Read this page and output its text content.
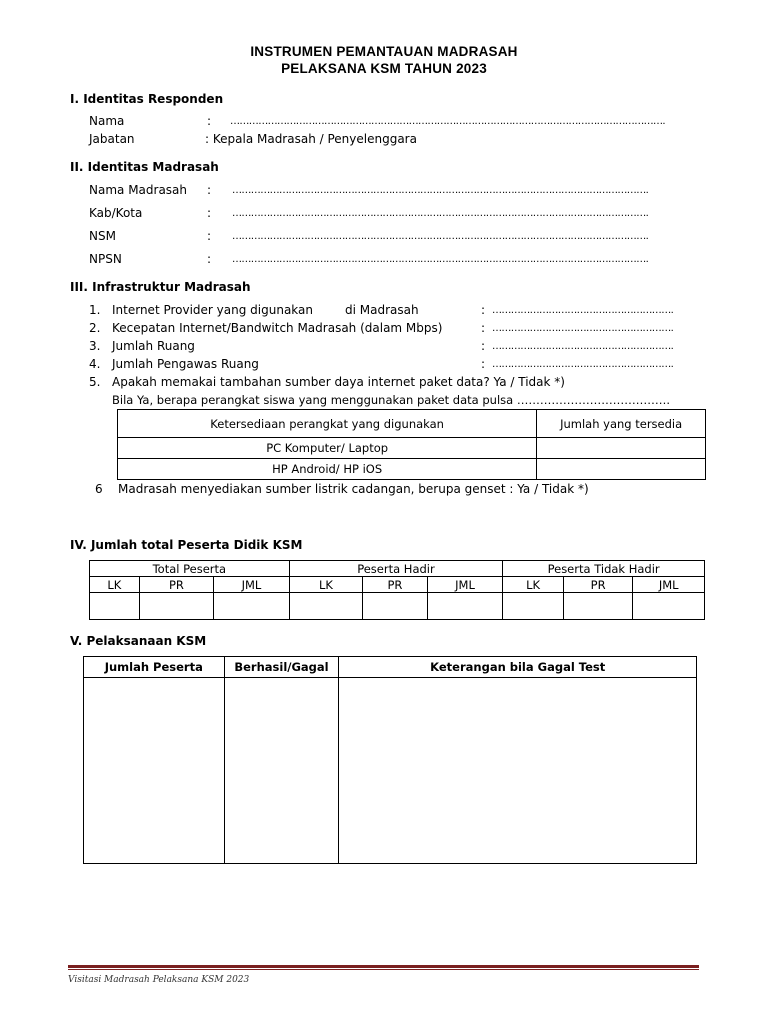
INSTRUMEN PEMANTAUAN MADRASAH
PELAKSANA KSM TAHUN 2023
I. Identitas Responden
Nama	: ………………………………………………………………………………………………………………………….
Jabatan	: Kepala Madrasah / Penyelenggara
II. Identitas Madrasah
Nama Madrasah : …………………………………………………………………………………………………………………….
Kab/Kota	: …………………………………………………………………………………………………………………….
NSM	: …………………………………………………………………………………………………………………….
NPSN	: …………………………………………………………………………………………………………………….
III. Infrastruktur Madrasah
1. Internet Provider yang digunakan	di Madrasah	: ………………………………………………….
2. Kecepatan Internet/Bandwitch Madrasah (dalam Mbps)	: ………………………………………………….
3. Jumlah Ruang	: ………………………………………………….
4. Jumlah Pengawas Ruang	: ………………………………………………….
5. Apakah memakai tambahan sumber daya internet paket data? Ya / Tidak *)
Bila Ya, berapa perangkat siswa yang menggunakan paket data pulsa ………………………………….
Ketersediaan perangkat yang digunakan	Jumlah yang tersedia
PC Komputer/ Laptop	
HP Android/ HP iOS	
6 Madrasah menyediakan sumber listrik cadangan, berupa genset : Ya / Tidak *)
IV. Jumlah total Peserta Didik KSM
Total Peserta			Peserta Hadir			Peserta Tidak Hadir		
LK	PR	JML	LK	PR	JML	LK	PR	JML

V. Pelaksanaan KSM
Jumlah Peserta	Berhasil/Gagal	Keterangan bila Gagal Test

Visitasi Madrasah Pelaksana KSM 2023
